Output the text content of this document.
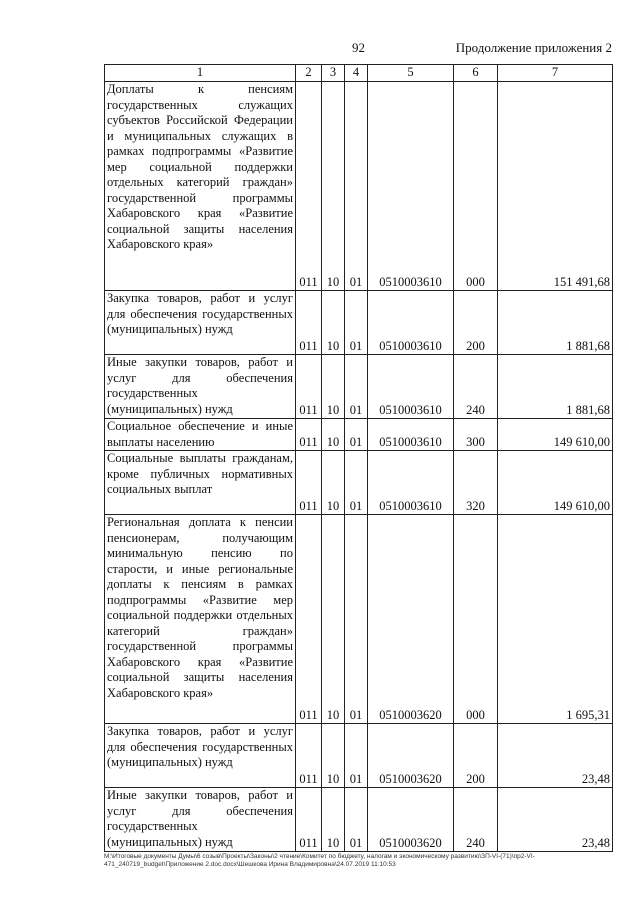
92	Продолжение приложения 2
1	2	3	4	5	6	7

Доплаты к пенсиям государственных служащих субъектов Российской Федерации и муниципальных служащих в рамках подпрограммы «Развитие мер социальной поддержки отдельных категорий граждан» государственной программы Хабаровского края «Развитие социальной защиты населения Хабаровского края»	011	10	01	0510003610	000	151 491,68

Закупка товаров, работ и услуг для обеспечения государственных (муниципальных) нужд	011	10	01	0510003610	200	1 881,68

Иные закупки товаров, работ и услуг для обеспечения государственных (муниципальных) нужд	011	10	01	0510003610	240	1 881,68

Социальное обеспечение и иные выплаты населению	011	10	01	0510003610	300	149 610,00

Социальные выплаты гражданам, кроме публичных нормативных социальных выплат	011	10	01	0510003610	320	149 610,00

Региональная доплата к пенсии пенсионерам, получающим минимальную пенсию по старости, и иные региональные доплаты к пенсиям в рамках подпрограммы «Развитие мер социальной поддержки отдельных категорий граждан» государственной программы Хабаровского края «Развитие социальной защиты населения Хабаровского края»	011	10	01	0510003620	000	1 695,31

Закупка товаров, работ и услуг для обеспечения государственных (муниципальных) нужд	011	10	01	0510003620	200	23,48

Иные закупки товаров, работ и услуг для обеспечения государственных (муниципальных) нужд	011	10	01	0510003620	240	23,48
М:\Итоговые документы Думы\6 созыв\Проекты\Законы\2 чтение\Комитет по бюджету, налогам и экономическому развитию\ЗП-VI-(71)\пр2-VI-
471_240719_budget\Приложение 2.doc.docx\Шешкова Ирина Владимировна\24.07.2019 11:10:53
